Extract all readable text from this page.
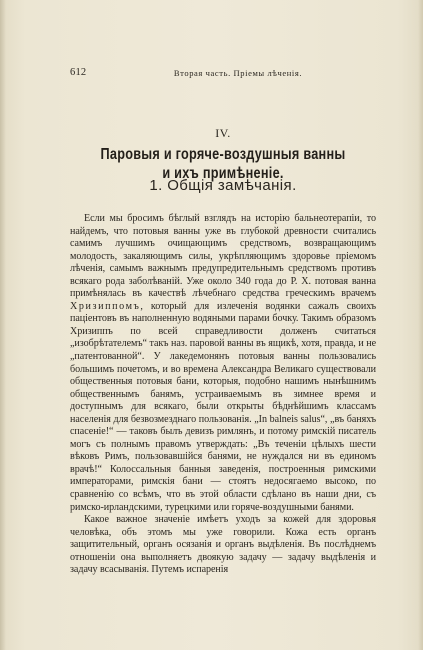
612	Вторая часть. Пріемы лѣченія.
IV.
Паровыя и горяче-воздушныя ванны и ихъ примѣненіе.
1. Общія замѣчанія.

Если мы бросимъ бѣглый взглядъ на исторію бальнеотерапіи, то найдемъ, что потовыя ванны уже въ глубокой древности считались самимъ лучшимъ очищающимъ средствомъ, возвращающимъ молодость, закаляющимъ силы, укрѣпляющимъ здоровье пріемомъ лѣченія, самымъ важнымъ предупредительнымъ средствомъ противъ всякаго рода заболѣваній. Уже около 340 года до Р. Х. потовая ванна примѣнялась въ качествѣ лѣчебнаго средства греческимъ врачемъ Хризиппомъ, который для излеченія водянки сажалъ своихъ паціентовъ въ наполненную водяными парами бочку. Такимъ образомъ Хризиппъ по всей справедливости долженъ считаться „изобрѣтателемъ“ такъ наз. паровой ванны въ ящикѣ, хотя, правда, и не „патентованной“. У лакедемонянъ потовыя ванны пользовались большимъ почетомъ, и во времена Александра Великаго существовали общественныя потовыя бани, которыя, подобно нашимъ нынѣшнимъ общественнымъ банямъ, устраиваемымъ въ зимнее время и доступнымъ для всякаго, были открыты бѣднѣйшимъ классамъ населенія для безвозмезднаго пользованія. „In balneis salus“, „въ баняхъ спасеніе!“ — таковъ былъ девизъ римлянъ, и потому римскій писатель могъ съ полнымъ правомъ утверждать: „Въ теченіи цѣлыхъ шести вѣковъ Римъ, пользовавшійся банями, не нуждался ни въ единомъ врачѣ!“ Колоссальныя банныя заведенія, построенныя римскими императорами, римскія бани — стоятъ недосягаемо высоко, по сравненію со всѣмъ, что въ этой области сдѣлано въ наши дни, съ римско-ирландскими, турецкими или горяче-воздушными банями.

Какое важное значеніе имѣетъ уходъ за кожей для здоровья человѣка, объ этомъ мы уже говорили. Кожа есть органъ защитительный, органъ осязанія и органъ выдѣленія. Въ послѣднемъ отношеніи она выполняетъ двоякую задачу — задачу выдѣленія и задачу всасыванія. Путемъ испаренія
